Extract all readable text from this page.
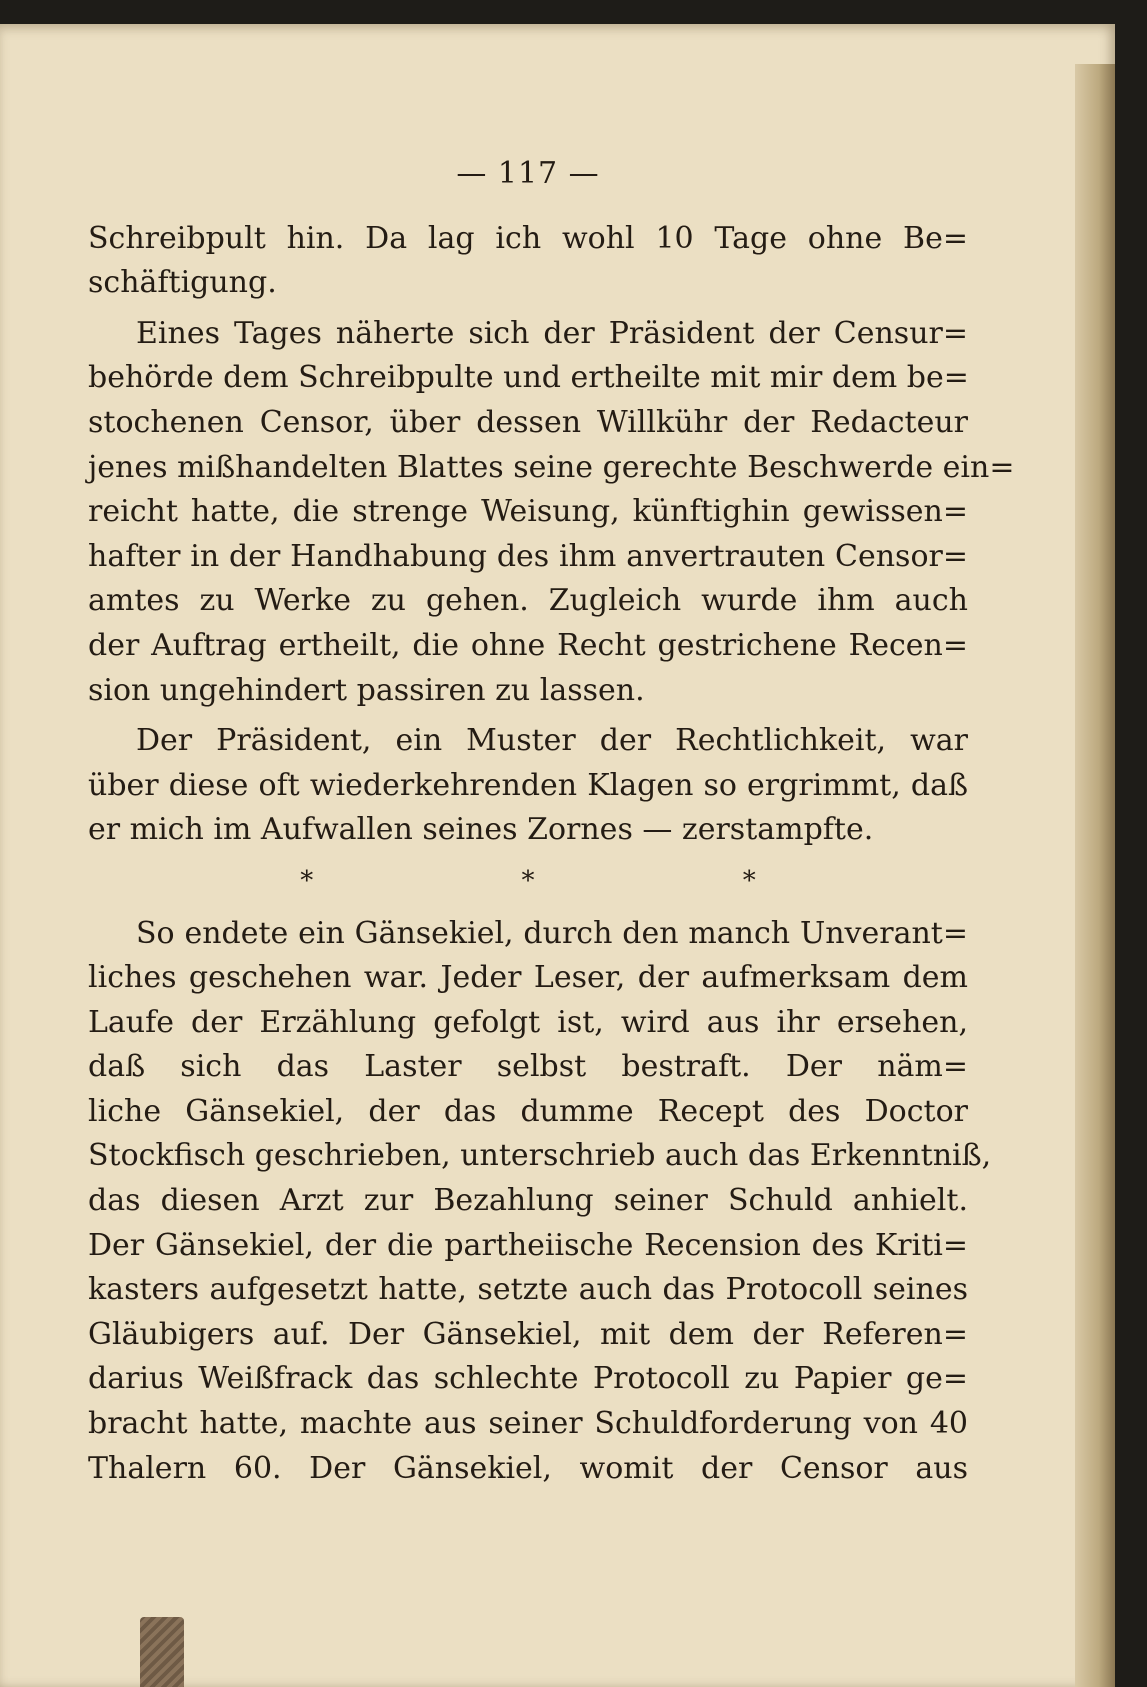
— 117 —
Schreibpult hin. Da lag ich wohl 10 Tage ohne Be=
schäftigung.
Eines Tages näherte sich der Präsident der Censur=
behörde dem Schreibpulte und ertheilte mit mir dem be=
stochenen Censor, über dessen Willkühr der Redacteur
jenes mißhandelten Blattes seine gerechte Beschwerde ein=
reicht hatte, die strenge Weisung, künftighin gewissen=
hafter in der Handhabung des ihm anvertrauten Censor=
amtes zu Werke zu gehen. Zugleich wurde ihm auch
der Auftrag ertheilt, die ohne Recht gestrichene Recen=
sion ungehindert passiren zu lassen.
Der Präsident, ein Muster der Rechtlichkeit, war
über diese oft wiederkehrenden Klagen so ergrimmt, daß
er mich im Aufwallen seines Zornes — zerstampfte.
* * *
So endete ein Gänsekiel, durch den manch Unverant=
liches geschehen war. Jeder Leser, der aufmerksam dem
Laufe der Erzählung gefolgt ist, wird aus ihr ersehen,
daß sich das Laster selbst bestraft. Der näm=
liche Gänsekiel, der das dumme Recept des Doctor
Stockfisch geschrieben, unterschrieb auch das Erkenntniß,
das diesen Arzt zur Bezahlung seiner Schuld anhielt.
Der Gänsekiel, der die partheiische Recension des Kriti=
kasters aufgesetzt hatte, setzte auch das Protocoll seines
Gläubigers auf. Der Gänsekiel, mit dem der Referen=
darius Weißfrack das schlechte Protocoll zu Papier ge=
bracht hatte, machte aus seiner Schuldforderung von 40
Thalern 60. Der Gänsekiel, womit der Censor aus
